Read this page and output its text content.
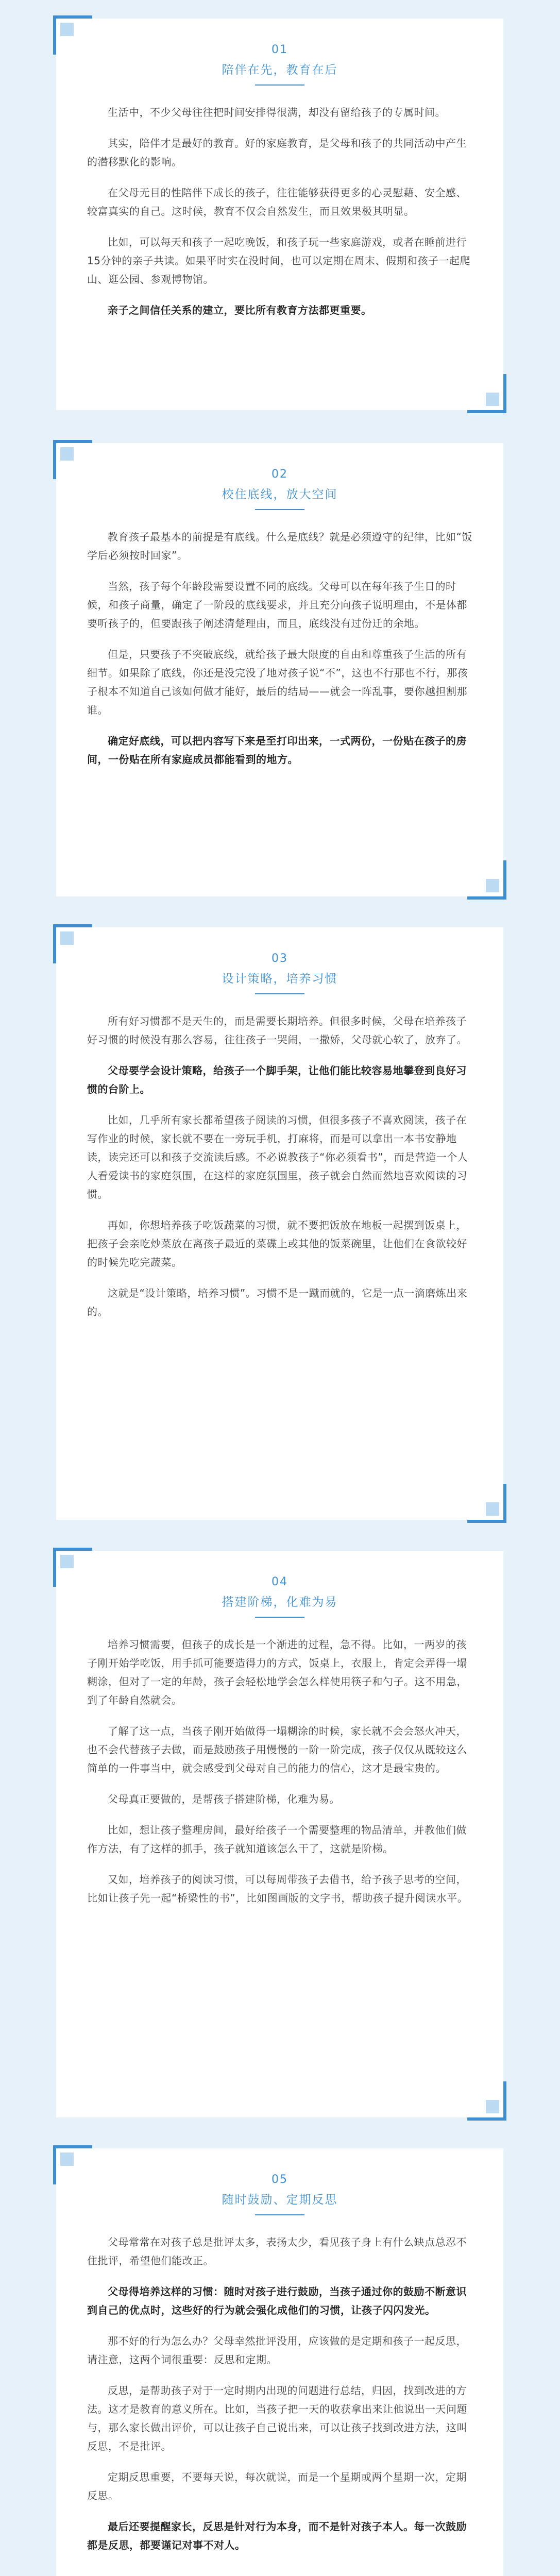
01
陪伴在先，教育在后

生活中，不少父母往往把时间安排得很满，却没有留给孩子的专属时间。

其实，陪伴才是最好的教育。好的家庭教育，是父母和孩子的共同活动中产生的潜移默化的影响。

在父母无目的性陪伴下成长的孩子，往往能够获得更多的心灵慰藉、安全感、较富真实的自己。这时候，教育不仅会自然发生，而且效果极其明显。

比如，可以每天和孩子一起吃晚饭，和孩子玩一些家庭游戏，或者在睡前进行15分钟的亲子共读。如果平时实在没时间，也可以定期在周末、假期和孩子一起爬山、逛公园、参观博物馆。

亲子之间信任关系的建立，要比所有教育方法都更重要。

02
校住底线，放大空间

教育孩子最基本的前提是有底线。什么是底线？就是必须遵守的纪律，比如“饭学后必须按时回家”。

当然，孩子每个年龄段需要设置不同的底线。父母可以在每年孩子生日的时候，和孩子商量，确定了一阶段的底线要求，并且充分向孩子说明理由，不是体都要听孩子的，但要跟孩子阐述清楚理由，而且，底线没有过份迁的余地。

但是，只要孩子不突破底线，就给孩子最大限度的自由和尊重孩子生活的所有细节。如果除了底线，你还是没完没了地对孩子说“不”，这也不行那也不行，那孩子根本不知道自己该如何做才能好，最后的结局——就会一阵乱事，要你越担割那谁。

确定好底线，可以把内容写下来是至打印出来，一式两份，一份贴在孩子的房间，一份贴在所有家庭成员都能看到的地方。

03
设计策略，培养习惯

所有好习惯都不是天生的，而是需要长期培养。但很多时候，父母在培养孩子好习惯的时候没有那么容易，往往孩子一哭闹，一撒娇，父母就心软了，放弃了。

父母要学会设计策略，给孩子一个脚手架，让他们能比较容易地攀登到良好习惯的台阶上。

比如，几乎所有家长都希望孩子阅读的习惯，但很多孩子不喜欢阅读，孩子在写作业的时候，家长就不要在一旁玩手机，打麻将，而是可以拿出一本书安静地读，读完还可以和孩子交流读后感。不必说教孩子“你必须看书”，而是营造一个人人看爱读书的家庭氛围，在这样的家庭氛围里，孩子就会自然而然地喜欢阅读的习惯。

再如，你想培养孩子吃饭蔬菜的习惯，就不要把饭放在地板一起摆到饭桌上，把孩子会亲吃炒菜放在离孩子最近的菜碟上或其他的饭菜碗里，让他们在食欲较好的时候先吃完蔬菜。

这就是“设计策略，培养习惯”。习惯不是一蹴而就的，它是一点一滴磨炼出来的。

04
搭建阶梯，化难为易

培养习惯需要，但孩子的成长是一个渐进的过程，急不得。比如，一两岁的孩子刚开始学吃饭，用手抓可能要造得力的方式，饭桌上，衣服上，肯定会弄得一塌糊涂，但对了一定的年龄，孩子会轻松地学会怎么样使用筷子和勺子。这不用急，到了年龄自然就会。

了解了这一点，当孩子刚开始做得一塌糊涂的时候，家长就不会会怒火冲天，也不会代替孩子去做，而是鼓励孩子用慢慢的一阶一阶完成，孩子仅仅从既较这么简单的一件事当中，就会感受到父母对自己的能力的信心，这才是最宝贵的。

父母真正要做的，是帮孩子搭建阶梯，化难为易。

比如，想让孩子整理房间，最好给孩子一个需要整理的物品清单，并教他们做作方法，有了这样的抓手，孩子就知道该怎么干了，这就是阶梯。

又如，培养孩子的阅读习惯，可以每周带孩子去借书，给予孩子思考的空间，比如让孩子先一起“桥梁性的书”，比如图画版的文字书，帮助孩子提升阅读水平。

05
随时鼓励、定期反思

父母常常在对孩子总是批评太多，表扬太少，看见孩子身上有什么缺点总忍不住批评，希望他们能改正。

父母得培养这样的习惯：随时对孩子进行鼓励，当孩子通过你的鼓励不断意识到自己的优点时，这些好的行为就会强化成他们的习惯，让孩子闪闪发光。

那不好的行为怎么办？父母幸然批评没用，应该做的是定期和孩子一起反思，请注意，这两个词很重要：反思和定期。

反思，是帮助孩子对于一定时期内出现的问题进行总结，归因，找到改进的方法。这才是教育的意义所在。比如，当孩子把一天的收获拿出来让他说出一天问题与，那么家长做出评价，可以让孩子自己说出来，可以让孩子找到改进方法，这叫反思，不是批评。

定期反思重要，不要每天说，每次就说，而是一个星期或两个星期一次，定期反思。

最后还要提醒家长，反思是针对行为本身，而不是针对孩子本人。每一次鼓励都是反思，都要谨记对事不对人。
